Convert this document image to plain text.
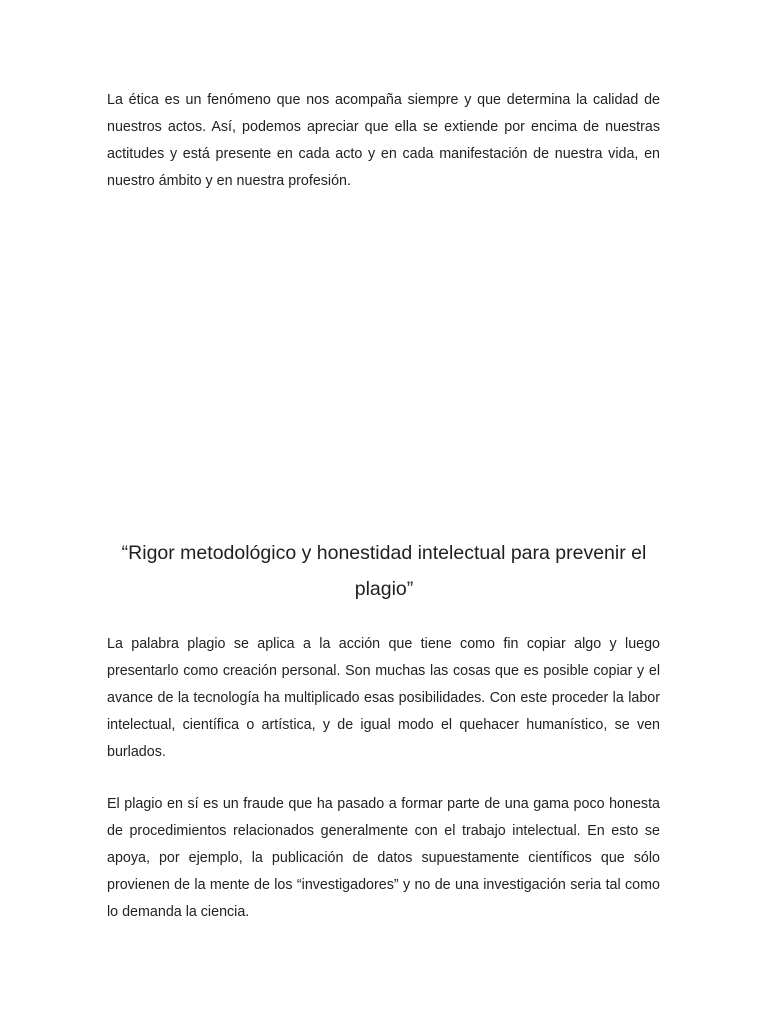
La ética es un fenómeno que nos acompaña siempre y que determina la calidad de nuestros actos. Así, podemos apreciar que ella se extiende por encima de nuestras actitudes y está presente en cada acto y en cada manifestación de nuestra vida, en nuestro ámbito y en nuestra profesión.

“Rigor metodológico y honestidad intelectual para prevenir el plagio”

La palabra plagio se aplica a la acción que tiene como fin copiar algo y luego presentarlo como creación personal. Son muchas las cosas que es posible copiar y el avance de la tecnología ha multiplicado esas posibilidades. Con este proceder la labor intelectual, científica o artística, y de igual modo el quehacer humanístico, se ven burlados.

El plagio en sí es un fraude que ha pasado a formar parte de una gama poco honesta de procedimientos relacionados generalmente con el trabajo intelectual. En esto se apoya, por ejemplo, la publicación de datos supuestamente científicos que sólo provienen de la mente de los “investigadores” y no de una investigación seria tal como lo demanda la ciencia.
